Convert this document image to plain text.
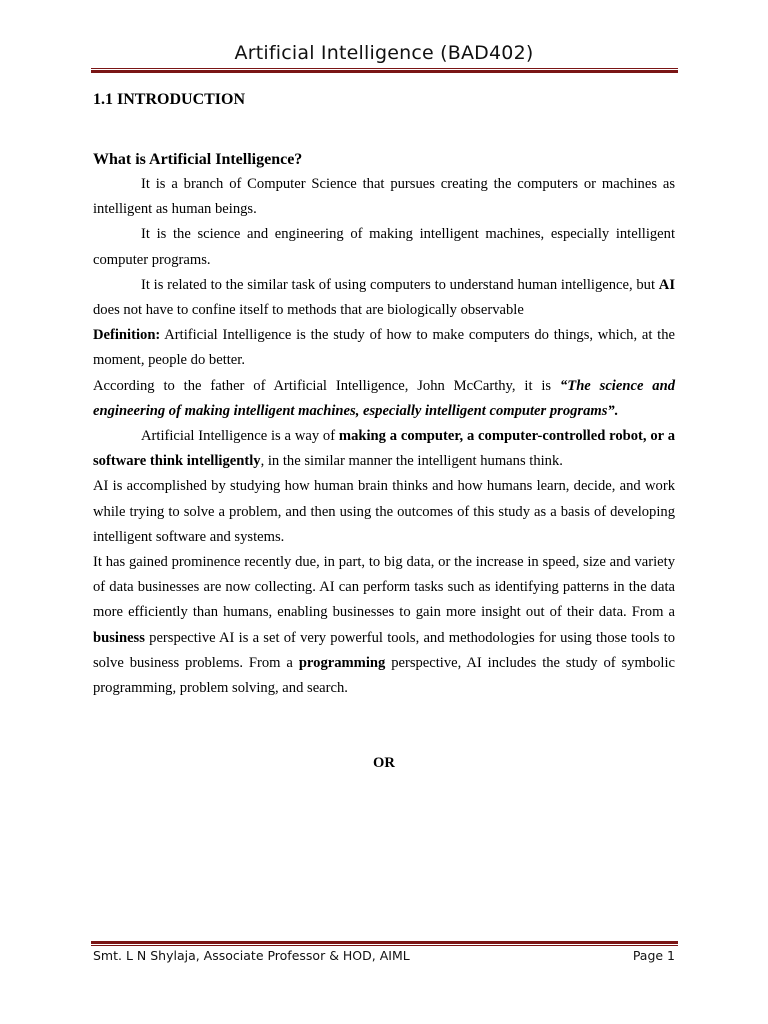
Artificial Intelligence (BAD402)
1.1 INTRODUCTION
What is Artificial Intelligence?

It is a branch of Computer Science that pursues creating the computers or machines as intelligent as human beings.

It is the science and engineering of making intelligent machines, especially intelligent computer programs.

It is related to the similar task of using computers to understand human intelligence, but AI does not have to confine itself to methods that are biologically observable

Definition: Artificial Intelligence is the study of how to make computers do things, which, at the moment, people do better.

According to the father of Artificial Intelligence, John McCarthy, it is “The science and engineering of making intelligent machines, especially intelligent computer programs”.

Artificial Intelligence is a way of making a computer, a computer-controlled robot, or a software think intelligently, in the similar manner the intelligent humans think.

AI is accomplished by studying how human brain thinks and how humans learn, decide, and work while trying to solve a problem, and then using the outcomes of this study as a basis of developing intelligent software and systems.

It has gained prominence recently due, in part, to big data, or the increase in speed, size and variety of data businesses are now collecting. AI can perform tasks such as identifying patterns in the data more efficiently than humans, enabling businesses to gain more insight out of their data. From a business perspective AI is a set of very powerful tools, and methodologies for using those tools to solve business problems. From a programming perspective, AI includes the study of symbolic programming, problem solving, and search.

OR
Smt. L N Shylaja, Associate Professor & HOD, AIML	Page 1
